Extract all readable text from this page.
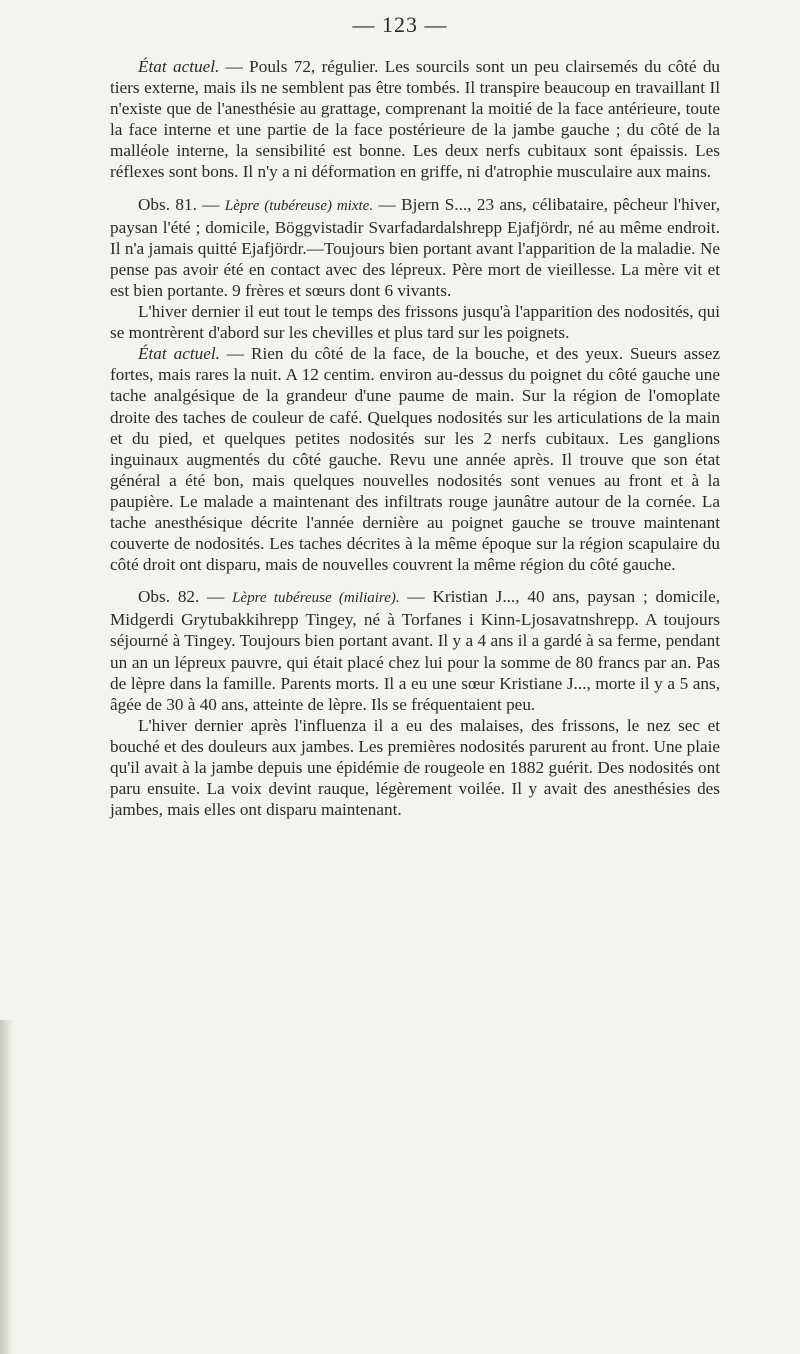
— 123 —

État actuel. — Pouls 72, régulier. Les sourcils sont un peu clairsemés du côté du tiers externe, mais ils ne semblent pas être tombés. Il transpire beaucoup en travaillant Il n'existe que de l'anesthésie au grattage, comprenant la moitié de la face antérieure, toute la face interne et une partie de la face postérieure de la jambe gauche ; du côté de la malléole interne, la sensibilité est bonne. Les deux nerfs cubitaux sont épaissis. Les réflexes sont bons. Il n'y a ni déformation en griffe, ni d'atrophie musculaire aux mains.

Obs. 81. — Lèpre (tubéreuse) mixte. — Bjern S..., 23 ans, célibataire, pêcheur l'hiver, paysan l'été ; domicile, Böggvistadir Svarfadardalshrepp Ejafjördr, né au même endroit. Il n'a jamais quitté Ejafjördr.—Toujours bien portant avant l'apparition de la maladie. Ne pense pas avoir été en contact avec des lépreux. Père mort de vieillesse. La mère vit et est bien portante. 9 frères et sœurs dont 6 vivants.

L'hiver dernier il eut tout le temps des frissons jusqu'à l'apparition des nodosités, qui se montrèrent d'abord sur les chevilles et plus tard sur les poignets.

État actuel. — Rien du côté de la face, de la bouche, et des yeux. Sueurs assez fortes, mais rares la nuit. A 12 centim. environ au-dessus du poignet du côté gauche une tache analgésique de la grandeur d'une paume de main. Sur la région de l'omoplate droite des taches de couleur de café. Quelques nodosités sur les articulations de la main et du pied, et quelques petites nodosités sur les 2 nerfs cubitaux. Les ganglions inguinaux augmentés du côté gauche. Revu une année après. Il trouve que son état général a été bon, mais quelques nouvelles nodosités sont venues au front et à la paupière. Le malade a maintenant des infiltrats rouge jaunâtre autour de la cornée. La tache anesthésique décrite l'année dernière au poignet gauche se trouve maintenant couverte de nodosités. Les taches décrites à la même époque sur la région scapulaire du côté droit ont disparu, mais de nouvelles couvrent la même région du côté gauche.

Obs. 82. — Lèpre tubéreuse (miliaire). — Kristian J..., 40 ans, paysan ; domicile, Midgerdi Grytubakkihrepp Tingey, né à Torfanes i Kinn-Ljosavatnshrepp. A toujours séjourné à Tingey. Toujours bien portant avant. Il y a 4 ans il a gardé à sa ferme, pendant un an un lépreux pauvre, qui était placé chez lui pour la somme de 80 francs par an. Pas de lèpre dans la famille. Parents morts. Il a eu une sœur Kristiane J..., morte il y a 5 ans, âgée de 30 à 40 ans, atteinte de lèpre. Ils se fréquentaient peu.

L'hiver dernier après l'influenza il a eu des malaises, des frissons, le nez sec et bouché et des douleurs aux jambes. Les premières nodosités parurent au front. Une plaie qu'il avait à la jambe depuis une épidémie de rougeole en 1882 guérit. Des nodosités ont paru ensuite. La voix devint rauque, légèrement voilée. Il y avait des anesthésies des jambes, mais elles ont disparu maintenant.
